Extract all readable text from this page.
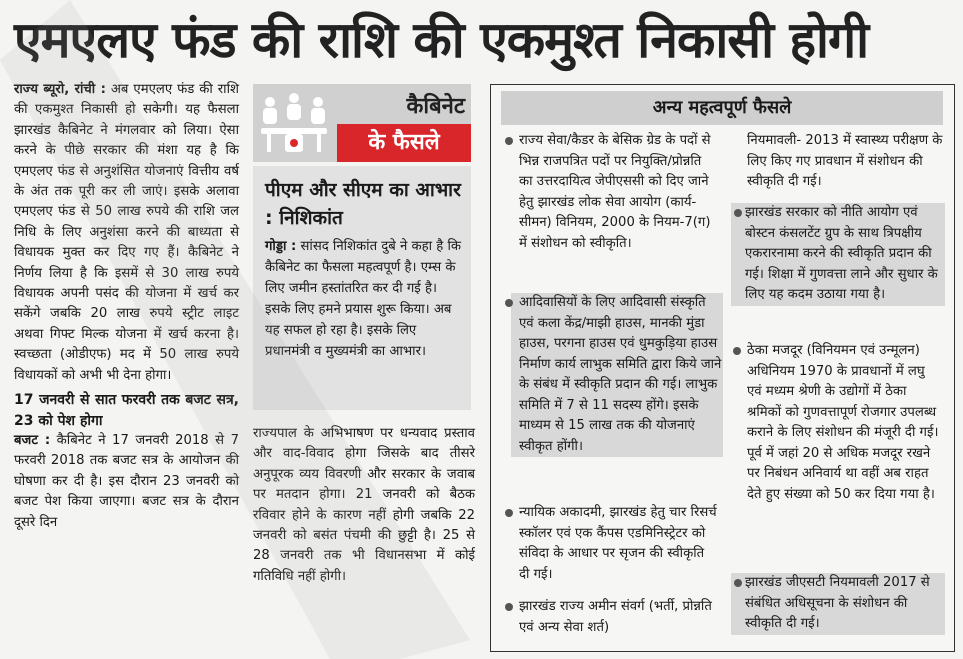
एमएलए फंड की राशि की एकमुश्त निकासी होगी

राज्य ब्यूरो, रांची : अब एमएलए फंड की राशि की एकमुश्त निकासी हो सकेगी। यह फैसला झारखंड कैबिनेट ने मंगलवार को लिया। ऐसा करने के पीछे सरकार की मंशा यह है कि एमएलए फंड से अनुशंसित योजनाएं वित्तीय वर्ष के अंत तक पूरी कर ली जाएं। इसके अलावा एमएलए फंड से 50 लाख रुपये की राशि जल निधि के लिए अनुशंसा करने की बाध्यता से विधायक मुक्त कर दिए गए हैं। कैबिनेट ने निर्णय लिया है कि इसमें से 30 लाख रुपये विधायक अपनी पसंद की योजना में खर्च कर सकेंगे जबकि 20 लाख रुपये स्ट्रीट लाइट अथवा गिफ्ट मिल्क योजना में खर्च करना है। स्वच्छता (ओडीएफ) मद में 50 लाख रुपये विधायकों को अभी भी देना होगा।

17 जनवरी से सात फरवरी तक बजट सत्र, 23 को पेश होगा

बजट : कैबिनेट ने 17 जनवरी 2018 से 7 फरवरी 2018 तक बजट सत्र के आयोजन की घोषणा कर दी है। इस दौरान 23 जनवरी को बजट पेश किया जाएगा। बजट सत्र के दौरान दूसरे दिन

कैबिनेट
के फैसले
पीएम और सीएम का आभार : निशिकांत
गोड्डा : सांसद निशिकांत दुबे ने कहा है कि कैबिनेट का फैसला महत्वपूर्ण है। एम्स के लिए जमीन हस्तांतरित कर दी गई है। इसके लिए हमने प्रयास शुरू किया। अब यह सफल हो रहा है। इसके लिए प्रधानमंत्री व मुख्यमंत्री का आभार।

राज्यपाल के अभिभाषण पर धन्यवाद प्रस्ताव और वाद-विवाद होगा जिसके बाद तीसरे अनुपूरक व्यय विवरणी और सरकार के जवाब पर मतदान होगा। 21 जनवरी को बैठक रविवार होने के कारण नहीं होगी जबकि 22 जनवरी को बसंत पंचमी की छुट्टी है। 25 से 28 जनवरी तक भी विधानसभा में कोई गतिविधि नहीं होगी।

अन्य महत्वपूर्ण फैसले
राज्य सेवा/कैडर के बेसिक ग्रेड के पदों से भिन्न राजपत्रित पदों पर नियुक्ति/प्रोन्नति का उत्तरदायित्व जेपीएससी को दिए जाने हेतु झारखंड लोक सेवा आयोग (कार्य-सीमन) विनियम, 2000 के नियम-7(ग) में संशोधन को स्वीकृति।
आदिवासियों के लिए आदिवासी संस्कृति एवं कला केंद्र/माझी हाउस, मानकी मुंडा हाउस, परगना हाउस एवं धुमकुड़िया हाउस निर्माण कार्य लाभुक समिति द्वारा किये जाने के संबंध में स्वीकृति प्रदान की गई। लाभुक समिति में 7 से 11 सदस्य होंगे। इसके माध्यम से 15 लाख तक की योजनाएं स्वीकृत होंगी।
न्यायिक अकादमी, झारखंड हेतु चार रिसर्च स्कॉलर एवं एक कैंपस एडमिनिस्ट्रेटर को संविदा के आधार पर सृजन की स्वीकृति दी गई।
झारखंड राज्य अमीन संवर्ग (भर्ती, प्रोन्नति एवं अन्य सेवा शर्त)
नियमावली- 2013 में स्वास्थ्य परीक्षण के लिए किए गए प्रावधान में संशोधन की स्वीकृति दी गई।
झारखंड सरकार को नीति आयोग एवं बोस्टन कंसलटेंट ग्रुप के साथ त्रिपक्षीय एकरारनामा करने की स्वीकृति प्रदान की गई। शिक्षा में गुणवत्ता लाने और सुधार के लिए यह कदम उठाया गया है।
ठेका मजदूर (विनियमन एवं उन्मूलन) अधिनियम 1970 के प्रावधानों में लघु एवं मध्यम श्रेणी के उद्योगों में ठेका श्रमिकों को गुणवत्तापूर्ण रोजगार उपलब्ध कराने के लिए संशोधन की मंजूरी दी गई। पूर्व में जहां 20 से अधिक मजदूर रखने पर निबंधन अनिवार्य था वहीं अब राहत देते हुए संख्या को 50 कर दिया गया है।
झारखंड जीएसटी नियमावली 2017 से संबंधित अधिसूचना के संशोधन की स्वीकृति दी गई।
